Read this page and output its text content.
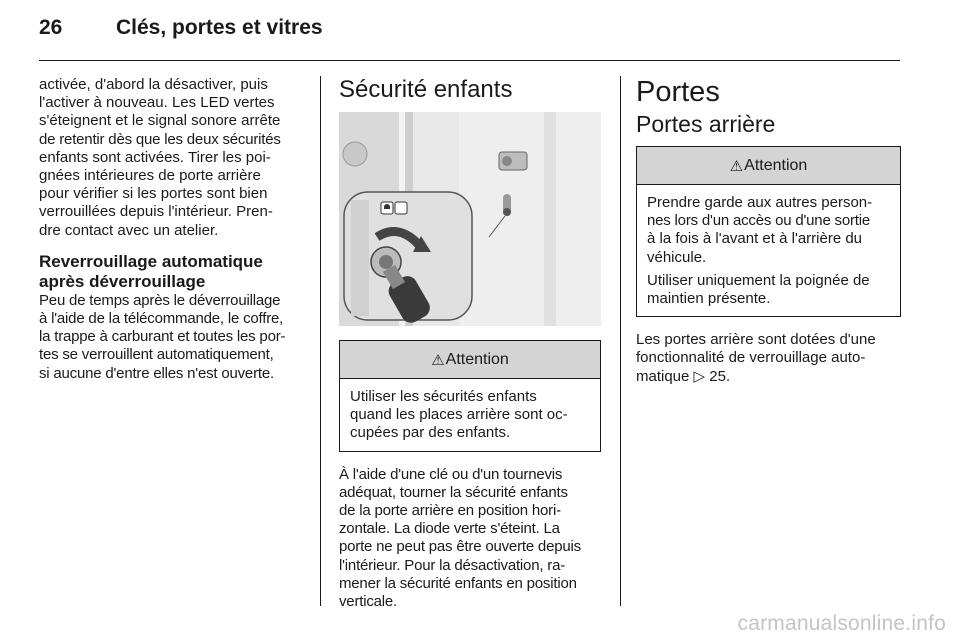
26	Clés, portes et vitres
activée, d'abord la désactiver, puis
l'activer à nouveau. Les LED vertes
s'éteignent et le signal sonore arrête
de retentir dès que les deux sécurités
enfants sont activées. Tirer les poi-
gnées intérieures de porte arrière
pour vérifier si les portes sont bien
verrouillées depuis l'intérieur. Pren-
dre contact avec un atelier.
Reverrouillage automatique
après déverrouillage
Peu de temps après le déverrouillage
à l'aide de la télécommande, le coffre,
la trappe à carburant et toutes les por-
tes se verrouillent automatiquement,
si aucune d'entre elles n'est ouverte.
Sécurité enfants
⚠ Attention
Utiliser les sécurités enfants
quand les places arrière sont oc-
cupées par des enfants.
À l'aide d'une clé ou d'un tournevis
adéquat, tourner la sécurité enfants
de la porte arrière en position hori-
zontale. La diode verte s'éteint. La
porte ne peut pas être ouverte depuis
l'intérieur. Pour la désactivation, ra-
mener la sécurité enfants en position
verticale.
Portes
Portes arrière
⚠ Attention

Prendre garde aux autres person-
nes lors d'un accès ou d'une sortie
à la fois à l'avant et à l'arrière du
véhicule.

Utiliser uniquement la poignée de
maintien présente.

Les portes arrière sont dotées d'une
fonctionnalité de verrouillage auto-
matique ▷ 25.
carmanualsonline.info
